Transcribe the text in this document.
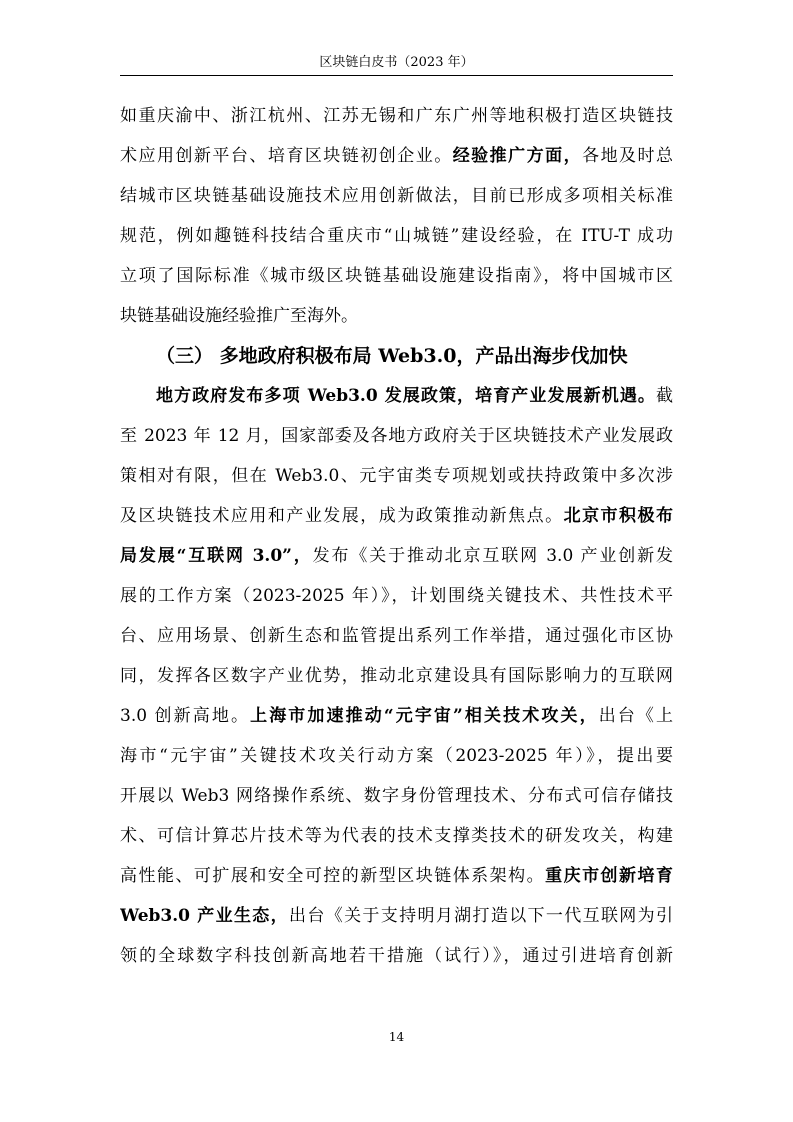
区块链白皮书（2023 年）
如重庆渝中、浙江杭州、江苏无锡和广东广州等地积极打造区块链技
术应用创新平台、培育区块链初创企业。经验推广方面，各地及时总
结城市区块链基础设施技术应用创新做法，目前已形成多项相关标准
规范，例如趣链科技结合重庆市“山城链”建设经验，在 ITU-T 成功
立项了国际标准《城市级区块链基础设施建设指南》，将中国城市区
块链基础设施经验推广至海外。
（三） 多地政府积极布局 Web3.0，产品出海步伐加快
地方政府发布多项 Web3.0 发展政策，培育产业发展新机遇。截
至 2023 年 12 月，国家部委及各地方政府关于区块链技术产业发展政
策相对有限，但在 Web3.0、元宇宙类专项规划或扶持政策中多次涉
及区块链技术应用和产业发展，成为政策推动新焦点。北京市积极布
局发展“互联网 3.0”，发布《关于推动北京互联网 3.0 产业创新发
展的工作方案（2023-2025 年）》，计划围绕关键技术、共性技术平
台、应用场景、创新生态和监管提出系列工作举措，通过强化市区协
同，发挥各区数字产业优势，推动北京建设具有国际影响力的互联网
3.0 创新高地。上海市加速推动“元宇宙”相关技术攻关，出台《上
海市“元宇宙”关键技术攻关行动方案（2023-2025 年）》，提出要
开展以 Web3 网络操作系统、数字身份管理技术、分布式可信存储技
术、可信计算芯片技术等为代表的技术支撑类技术的研发攻关，构建
高性能、可扩展和安全可控的新型区块链体系架构。重庆市创新培育
Web3.0 产业生态，出台《关于支持明月湖打造以下一代互联网为引
领的全球数字科技创新高地若干措施（试行）》，通过引进培育创新
14
